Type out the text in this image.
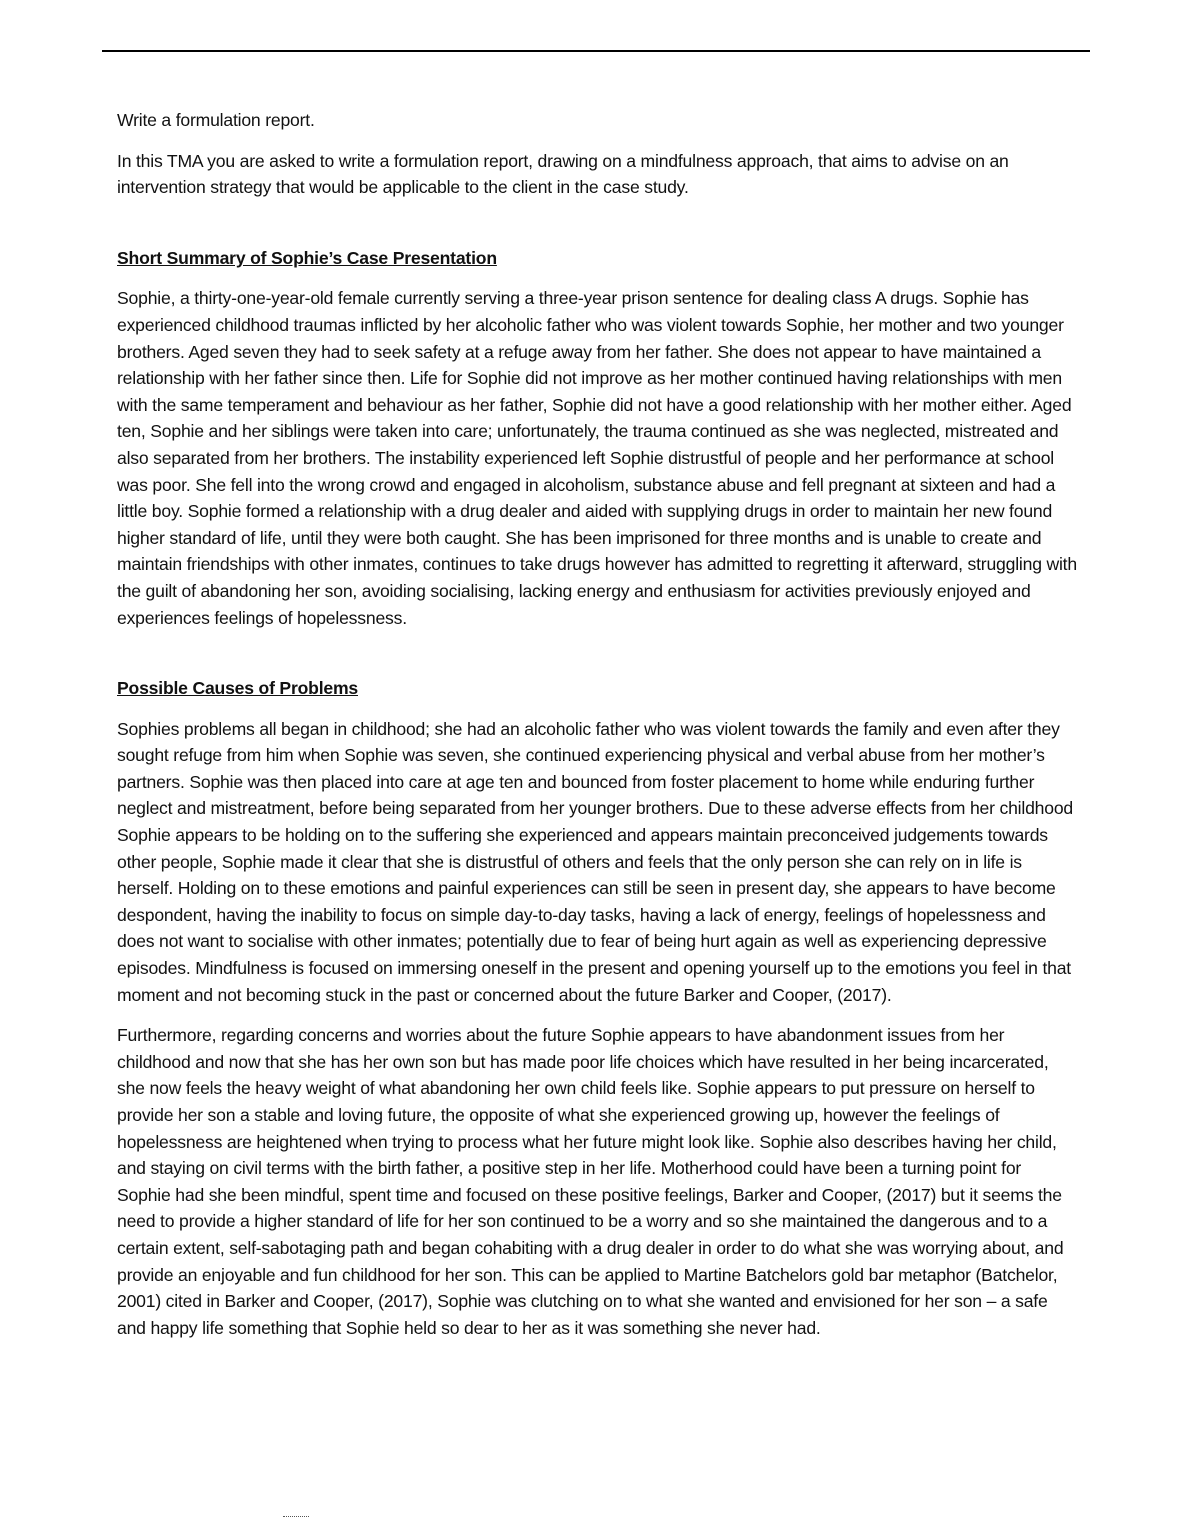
Write a formulation report.

In this TMA you are asked to write a formulation report, drawing on a mindfulness approach, that aims to advise on an intervention strategy that would be applicable to the client in the case study.

Short Summary of Sophie’s Case Presentation

Sophie, a thirty-one-year-old female currently serving a three-year prison sentence for dealing class A drugs. Sophie has experienced childhood traumas inflicted by her alcoholic father who was violent towards Sophie, her mother and two younger brothers. Aged seven they had to seek safety at a refuge away from her father. She does not appear to have maintained a relationship with her father since then. Life for Sophie did not improve as her mother continued having relationships with men with the same temperament and behaviour as her father, Sophie did not have a good relationship with her mother either. Aged ten, Sophie and her siblings were taken into care; unfortunately, the trauma continued as she was neglected, mistreated and also separated from her brothers. The instability experienced left Sophie distrustful of people and her performance at school was poor. She fell into the wrong crowd and engaged in alcoholism, substance abuse and fell pregnant at sixteen and had a little boy. Sophie formed a relationship with a drug dealer and aided with supplying drugs in order to maintain her new found higher standard of life, until they were both caught. She has been imprisoned for three months and is unable to create and maintain friendships with other inmates, continues to take drugs however has admitted to regretting it afterward, struggling with the guilt of abandoning her son, avoiding socialising, lacking energy and enthusiasm for activities previously enjoyed and experiences feelings of hopelessness.

Possible Causes of Problems

Sophies problems all began in childhood; she had an alcoholic father who was violent towards the family and even after they sought refuge from him when Sophie was seven, she continued experiencing physical and verbal abuse from her mother’s partners. Sophie was then placed into care at age ten and bounced from foster placement to home while enduring further neglect and mistreatment, before being separated from her younger brothers. Due to these adverse effects from her childhood Sophie appears to be holding on to the suffering she experienced and appears maintain preconceived judgements towards other people, Sophie made it clear that she is distrustful of others and feels that the only person she can rely on in life is herself. Holding on to these emotions and painful experiences can still be seen in present day, she appears to have become despondent, having the inability to focus on simple day-to-day tasks, having a lack of energy, feelings of hopelessness and does not want to socialise with other inmates; potentially due to fear of being hurt again as well as experiencing depressive episodes. Mindfulness is focused on immersing oneself in the present and opening yourself up to the emotions you feel in that moment and not becoming stuck in the past or concerned about the future Barker and Cooper, (2017).

Furthermore, regarding concerns and worries about the future Sophie appears to have abandonment issues from her childhood and now that she has her own son but has made poor life choices which have resulted in her being incarcerated, she now feels the heavy weight of what abandoning her own child feels like. Sophie appears to put pressure on herself to provide her son a stable and loving future, the opposite of what she experienced growing up, however the feelings of hopelessness are heightened when trying to process what her future might look like. Sophie also describes having her child, and staying on civil terms with the birth father, a positive step in her life. Motherhood could have been a turning point for Sophie had she been mindful, spent time and focused on these positive feelings, Barker and Cooper, (2017) but it seems the need to provide a higher standard of life for her son continued to be a worry and so she maintained the dangerous and to a certain extent, self-sabotaging path and began cohabiting with a drug dealer in order to do what she was worrying about, and provide an enjoyable and fun childhood for her son. This can be applied to Martine Batchelors gold bar metaphor (Batchelor, 2001) cited in Barker and Cooper, (2017), Sophie was clutching on to what she wanted and envisioned for her son – a safe and happy life something that Sophie held so dear to her as it was something she never had.
